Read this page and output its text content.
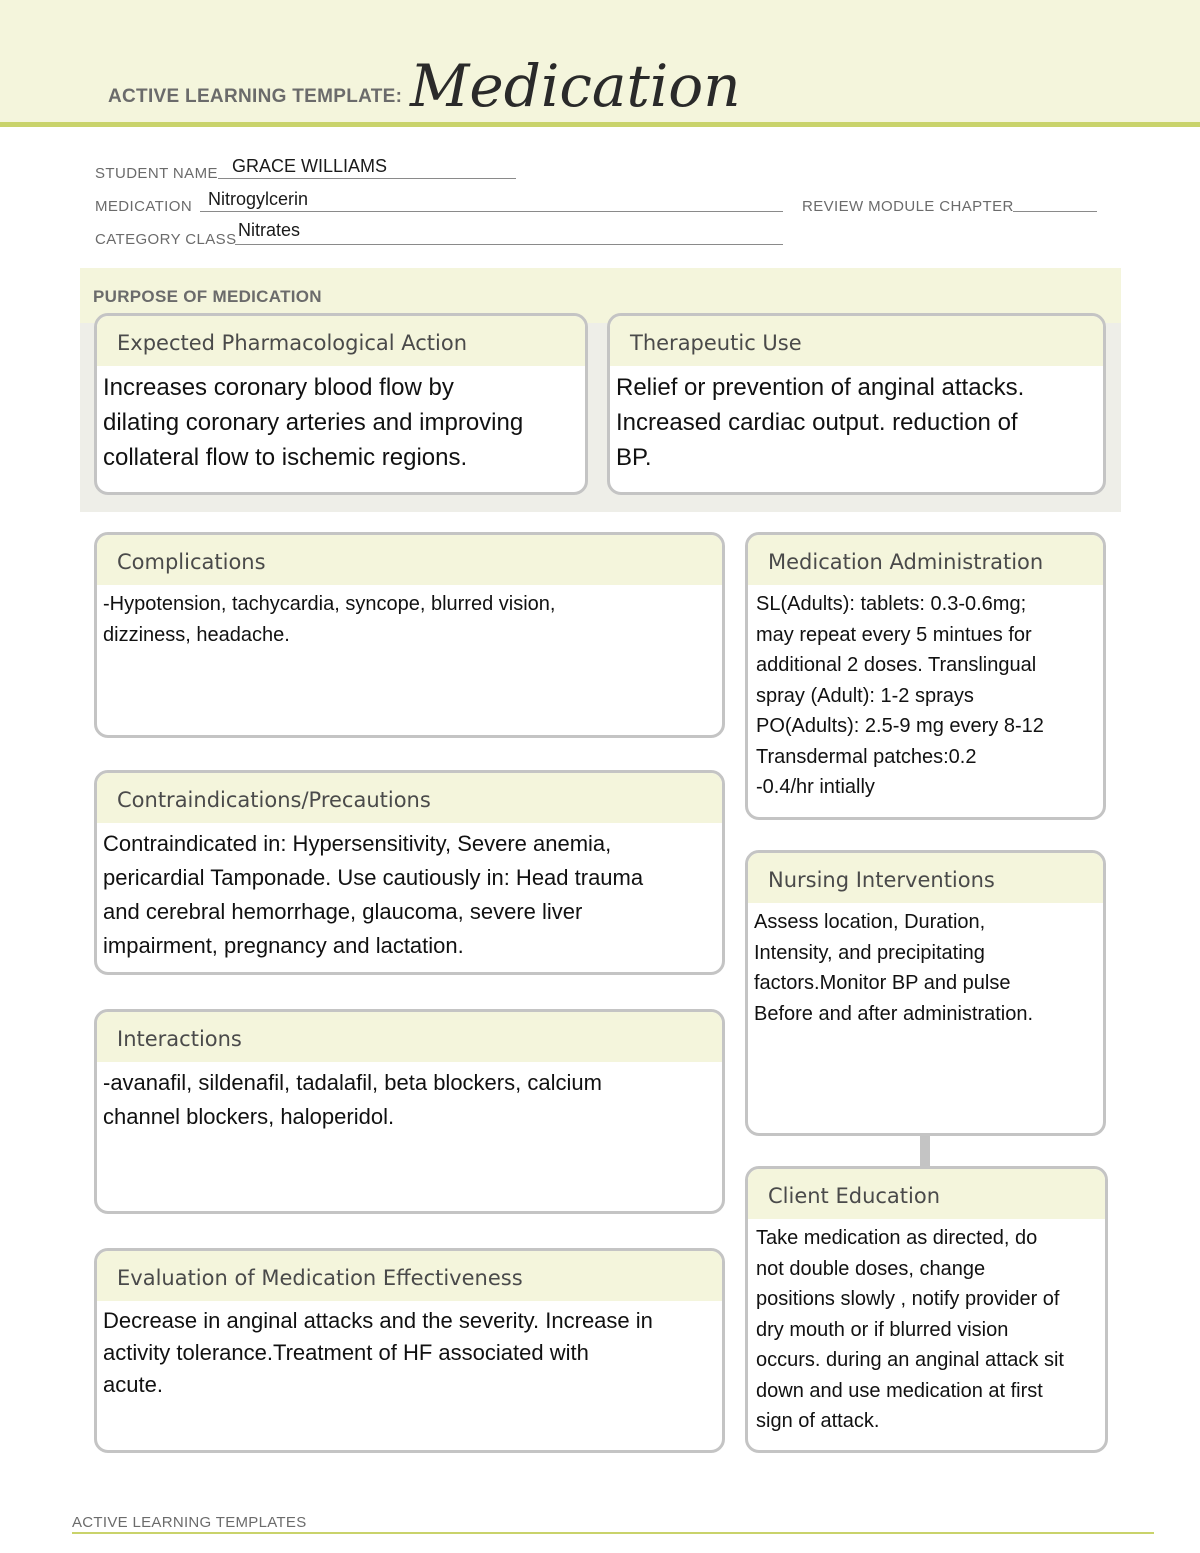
ACTIVE LEARNING TEMPLATE: Medication
STUDENT NAME GRACE WILLIAMS
MEDICATION Nitrogylcerin	REVIEW MODULE CHAPTER
CATEGORY CLASS Nitrates
PURPOSE OF MEDICATION
Expected Pharmacological Action
Increases coronary blood flow by
dilating coronary arteries and improving
collateral flow to ischemic regions.
Therapeutic Use
Relief or prevention of anginal attacks.
Increased cardiac output. reduction of
BP.
Complications
-Hypotension, tachycardia, syncope, blurred vision,
dizziness, headache.
Contraindications/Precautions
Contraindicated in: Hypersensitivity, Severe anemia,
pericardial Tamponade. Use cautiously in: Head trauma
and cerebral hemorrhage, glaucoma, severe liver
impairment, pregnancy and lactation.
Interactions
-avanafil, sildenafil, tadalafil, beta blockers, calcium
channel blockers, haloperidol.
Evaluation of Medication Effectiveness
Decrease in anginal attacks and the severity. Increase in
activity tolerance.Treatment of HF associated with
acute.
Medication Administration
SL(Adults): tablets: 0.3-0.6mg;
may repeat every 5 mintues for
additional 2 doses. Translingual
spray (Adult): 1-2 sprays
PO(Adults): 2.5-9 mg every 8-12
Transdermal patches:0.2
-0.4/hr intially
Nursing Interventions
Assess location, Duration,
Intensity, and precipitating
factors.Monitor BP and pulse
Before and after administration.
Client Education
Take medication as directed, do
not double doses, change
positions slowly , notify provider of
dry mouth or if blurred vision
occurs. during an anginal attack sit
down and use medication at first
sign of attack.
ACTIVE LEARNING TEMPLATES
